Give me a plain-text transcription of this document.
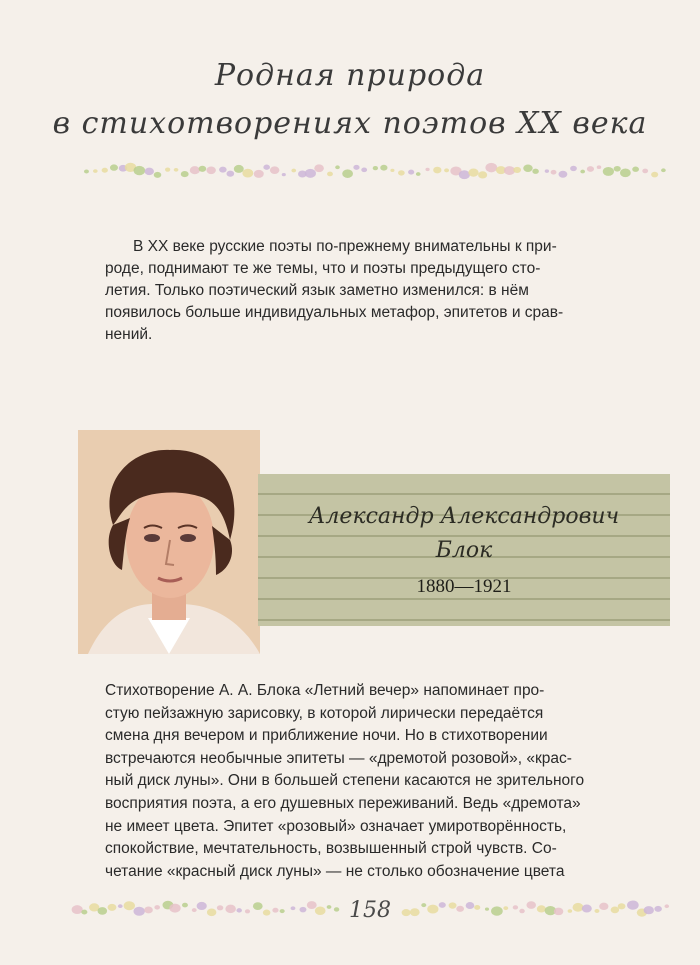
Родная природа
в стихотворениях поэтов XX века
В XX веке русские поэты по-прежнему внимательны к при-
роде, поднимают те же темы, что и поэты предыдущего сто-
летия. Только поэтический язык заметно изменился: в нём
появилось больше индивидуальных метафор, эпитетов и срав-
нений.
Александр Александрович
Блок
1880—1921
Стихотворение А. А. Блока «Летний вечер» напоминает про-
стую пейзажную зарисовку, в которой лирически передаётся
смена дня вечером и приближение ночи. Но в стихотворении
встречаются необычные эпитеты — «дремотой розовой», «крас-
ный диск луны». Они в большей степени касаются не зрительного
восприятия поэта, а его душевных переживаний. Ведь «дремота»
не имеет цвета. Эпитет «розовый» означает умиротворённость,
спокойствие, мечтательность, возвышенный строй чувств. Со-
четание «красный диск луны» — не столько обозначение цвета
158
